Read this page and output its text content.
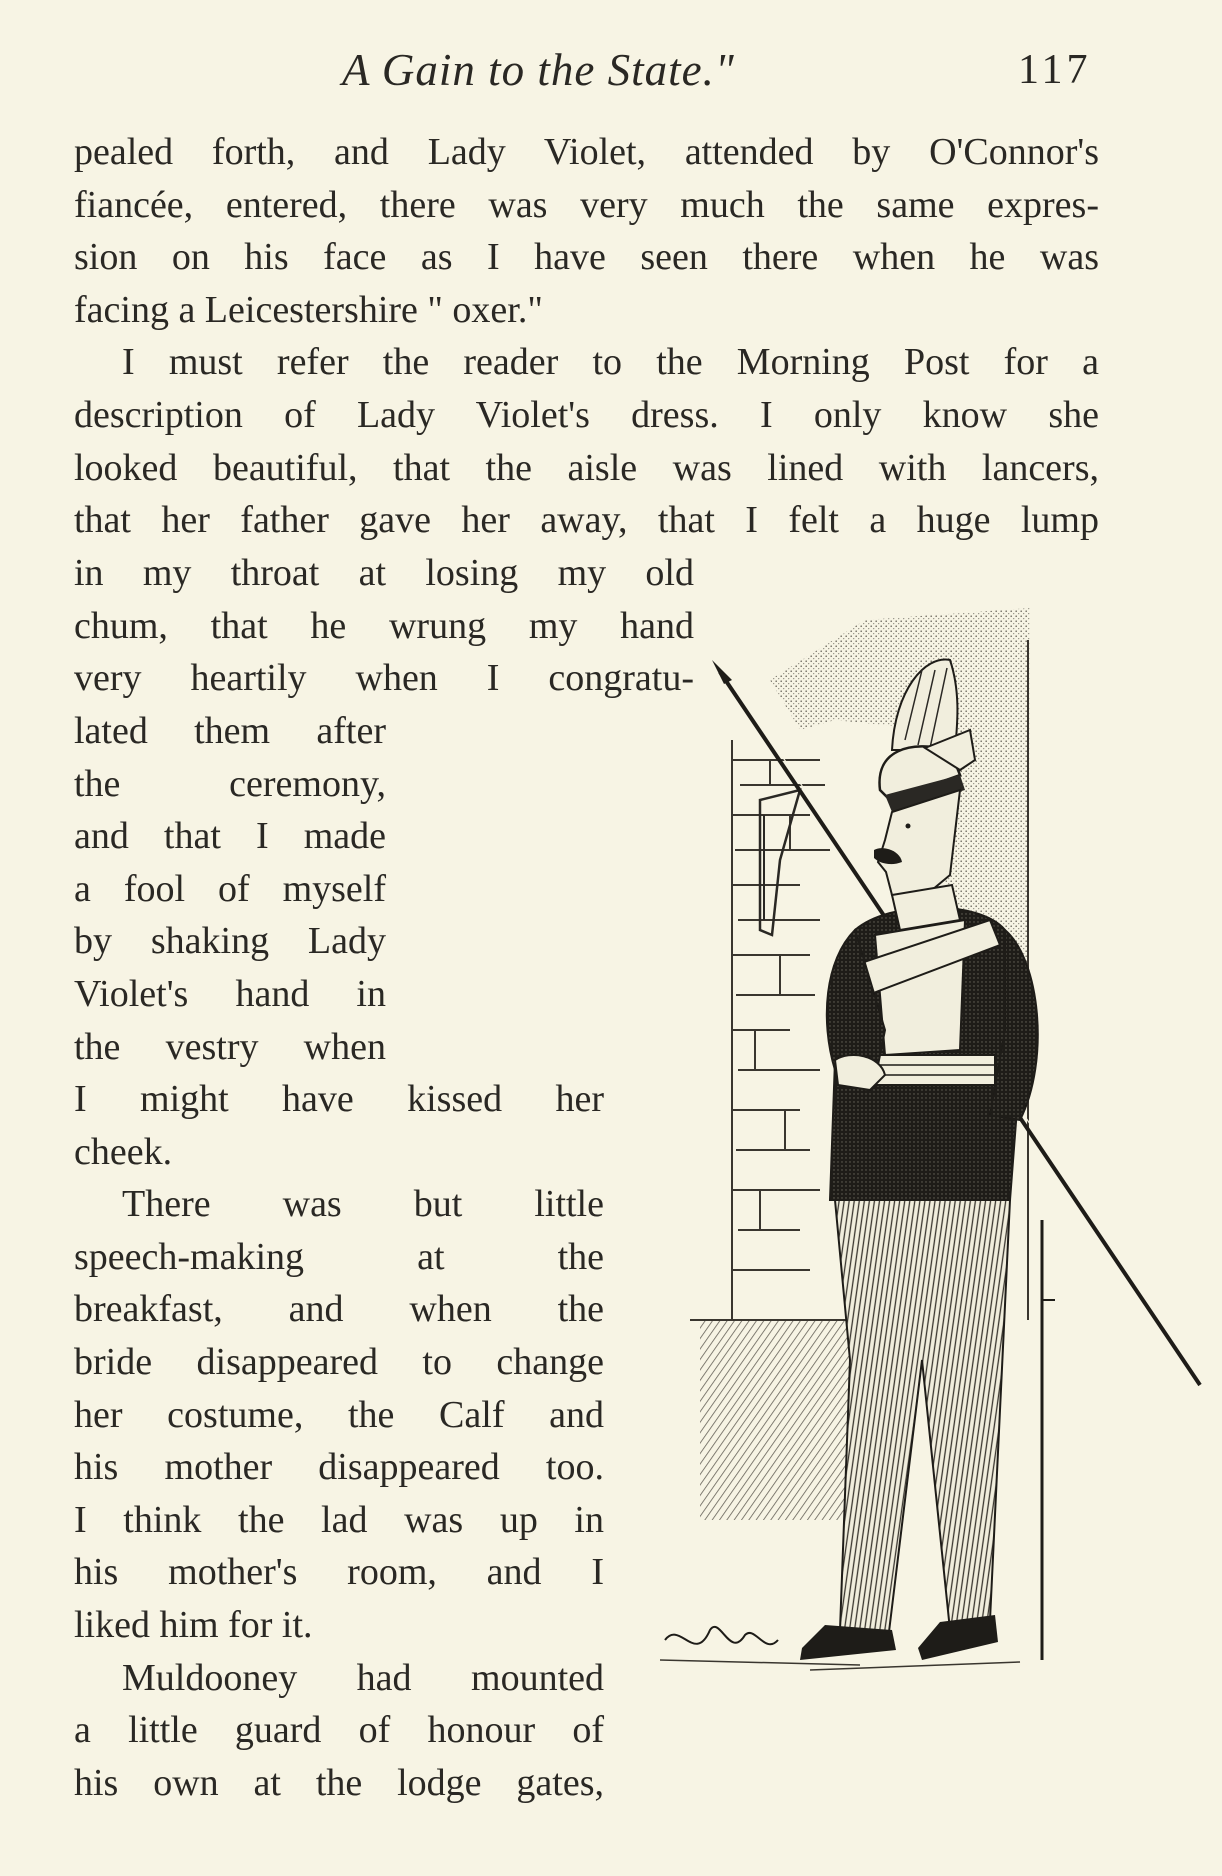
A Gain to the State."	117
pealed forth, and Lady Violet, attended by O'Connor's
fiancée, entered, there was very much the same expres-
sion on his face as I have seen there when he was
facing a Leicestershire " oxer."
I must refer the reader to the Morning Post for a
description of Lady Violet's dress. I only know she
looked beautiful, that the aisle was lined with lancers,
that her father gave her away, that I felt a huge lump
in my throat at losing my old
chum, that he wrung my hand
very heartily when I congratu-
lated them after
the ceremony,
and that I made
a fool of myself
by shaking Lady
Violet's hand in
the vestry when
I might have kissed her
cheek.
There was but little
speech-making at the
breakfast, and when the
bride disappeared to change
her costume, the Calf and
his mother disappeared too.
I think the lad was up in
his mother's room, and I
liked him for it.
Muldooney had mounted
a little guard of honour of
his own at the lodge gates,
